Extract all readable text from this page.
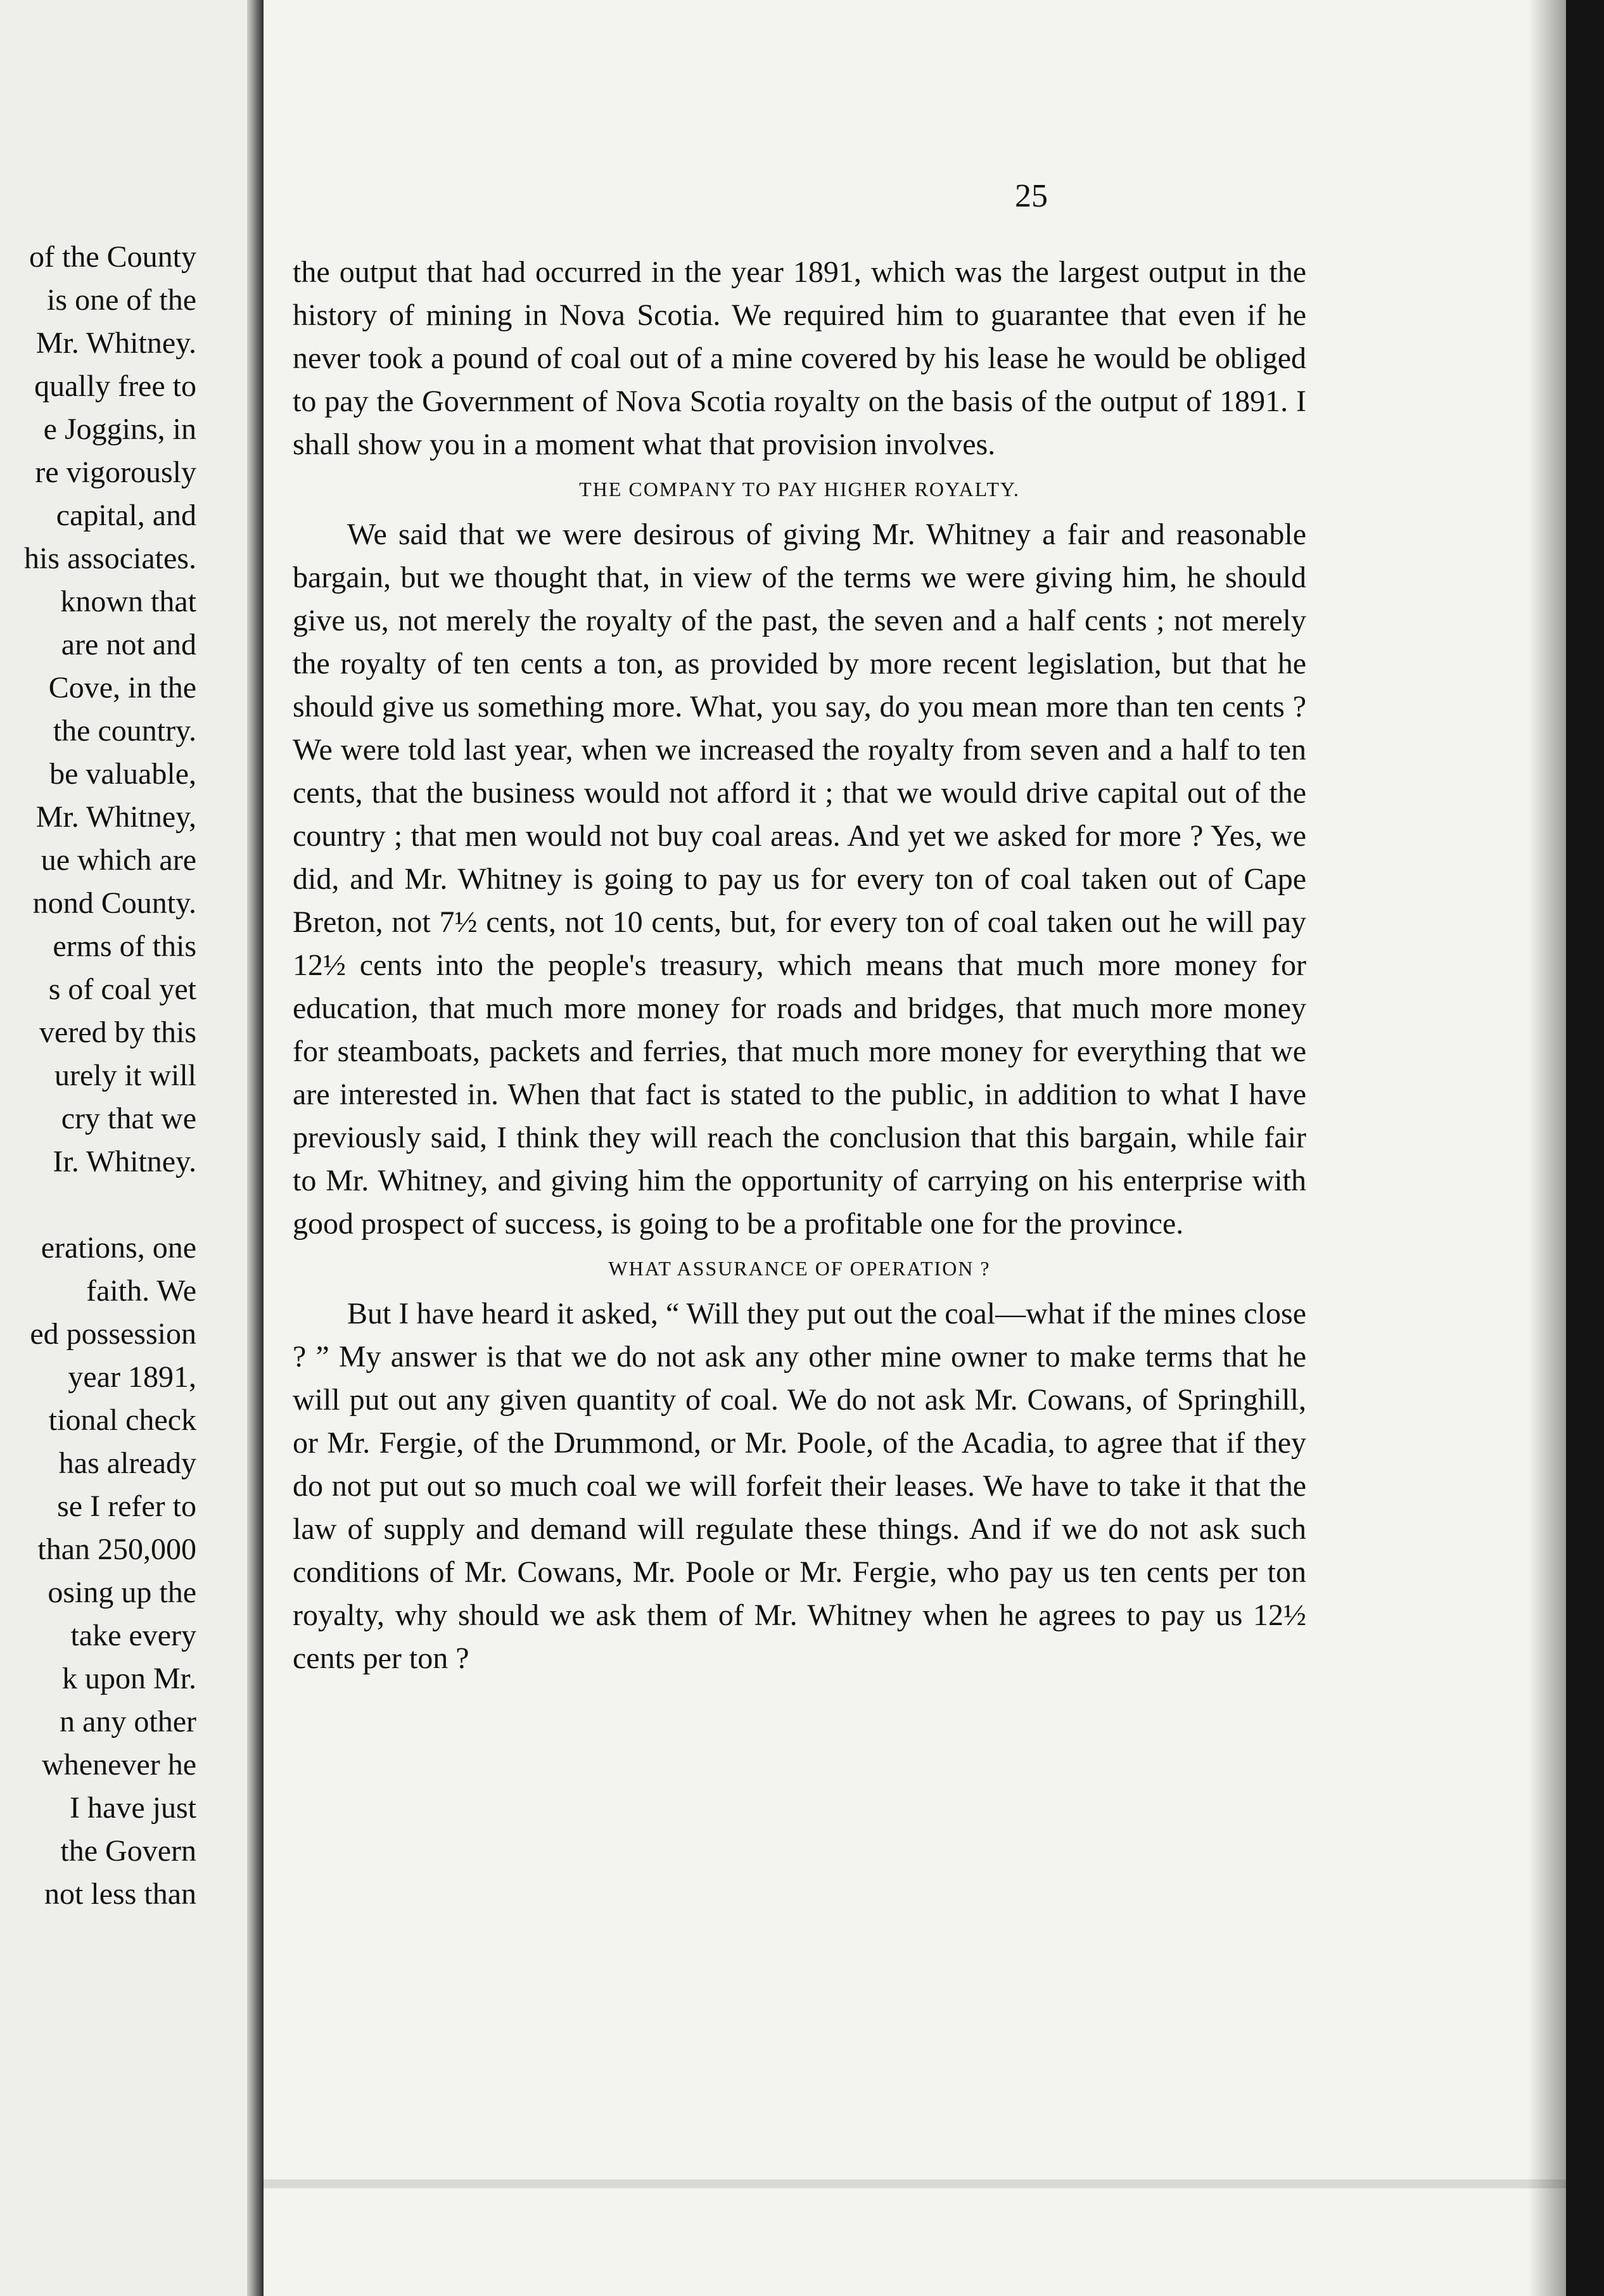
of the County
is one of the
Mr. Whitney.
qually free to
e Joggins, in
re vigorously
capital, and
his associates.
known that
are not and
Cove, in the
the country.
be valuable,
Mr. Whitney,
ue which are
nond County.
erms of this
s of coal yet
vered by this
urely it will
cry that we
Ir. Whitney.
erations, one
faith. We
ed possession
year 1891,
tional check
has already
se I refer to
than 250,000
osing up the
take every
k upon Mr.
n any other
whenever he
I have just
the Govern
not less than
25

the output that had occurred in the year 1891, which was the largest output in the history of mining in Nova Scotia. We required him to guarantee that even if he never took a pound of coal out of a mine covered by his lease he would be obliged to pay the Government of Nova Scotia royalty on the basis of the output of 1891. I shall show you in a moment what that provision involves.

THE COMPANY TO PAY HIGHER ROYALTY.

We said that we were desirous of giving Mr. Whitney a fair and reasonable bargain, but we thought that, in view of the terms we were giving him, he should give us, not merely the royalty of the past, the seven and a half cents ; not merely the royalty of ten cents a ton, as provided by more recent legislation, but that he should give us something more. What, you say, do you mean more than ten cents ? We were told last year, when we increased the royalty from seven and a half to ten cents, that the business would not afford it ; that we would drive capital out of the country ; that men would not buy coal areas. And yet we asked for more ? Yes, we did, and Mr. Whitney is going to pay us for every ton of coal taken out of Cape Breton, not 7½ cents, not 10 cents, but, for every ton of coal taken out he will pay 12½ cents into the people's treasury, which means that much more money for education, that much more money for roads and bridges, that much more money for steamboats, packets and ferries, that much more money for everything that we are interested in. When that fact is stated to the public, in addition to what I have previously said, I think they will reach the conclusion that this bargain, while fair to Mr. Whitney, and giving him the opportunity of carrying on his enterprise with good prospect of success, is going to be a profitable one for the province.

WHAT ASSURANCE OF OPERATION ?

But I have heard it asked, “ Will they put out the coal—what if the mines close ? ” My answer is that we do not ask any other mine owner to make terms that he will put out any given quantity of coal. We do not ask Mr. Cowans, of Springhill, or Mr. Fergie, of the Drummond, or Mr. Poole, of the Acadia, to agree that if they do not put out so much coal we will forfeit their leases. We have to take it that the law of supply and demand will regulate these things. And if we do not ask such conditions of Mr. Cowans, Mr. Poole or Mr. Fergie, who pay us ten cents per ton royalty, why should we ask them of Mr. Whitney when he agrees to pay us 12½ cents per ton ?
